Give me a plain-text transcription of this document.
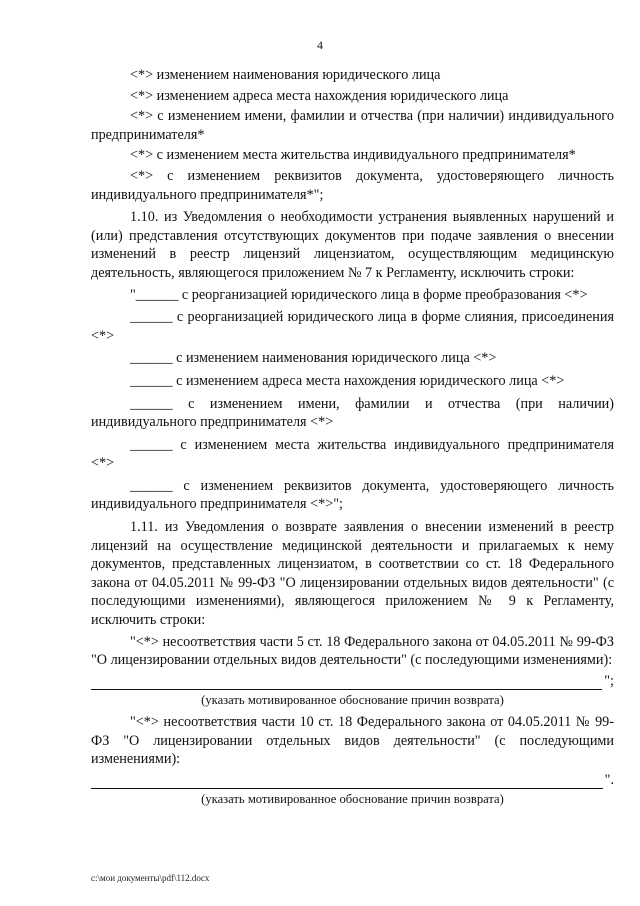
4

<*> изменением наименования юридического лица

<*> изменением адреса места нахождения юридического лица

<*> с изменением имени, фамилии и отчества (при наличии) индивидуального предпринимателя*

<*> с изменением места жительства индивидуального предпринимателя*

<*> с изменением реквизитов документа, удостоверяющего личность индивидуального предпринимателя*";

1.10. из Уведомления о необходимости устранения выявленных нарушений и (или) представления отсутствующих документов при подаче заявления о внесении изменений в реестр лицензий лицензиатом, осуществляющим медицинскую деятельность, являющегося приложением № 7 к Регламенту, исключить строки:

"______ с реорганизацией юридического лица в форме преобразования <*>

______ с реорганизацией юридического лица в форме слияния, присоединения <*>

______ с изменением наименования юридического лица <*>

______ с изменением адреса места нахождения юридического лица <*>

______ с изменением имени, фамилии и отчества (при наличии) индивидуального предпринимателя <*>

______ с изменением места жительства индивидуального предпринимателя <*>

______ с изменением реквизитов документа, удостоверяющего личность индивидуального предпринимателя <*>";

1.11. из Уведомления о возврате заявления о внесении изменений в реестр лицензий на осуществление медицинской деятельности и прилагаемых к нему документов, представленных лицензиатом, в соответствии со ст. 18 Федерального закона от 04.05.2011 № 99-ФЗ "О лицензировании отдельных видов деятельности" (с последующими изменениями), являющегося приложением № 9 к Регламенту, исключить строки:

"<*> несоответствия части 5 ст. 18 Федерального закона от 04.05.2011 № 99-ФЗ "О лицензировании отдельных видов деятельности" (с последующими изменениями):

";

(указать мотивированное обоснование причин возврата)

"<*> несоответствия части 10 ст. 18 Федерального закона от 04.05.2011 № 99-ФЗ "О лицензировании отдельных видов деятельности" (с последующими изменениями):

".

(указать мотивированное обоснование причин возврата)

c:\мои документы\pdf\112.docx
